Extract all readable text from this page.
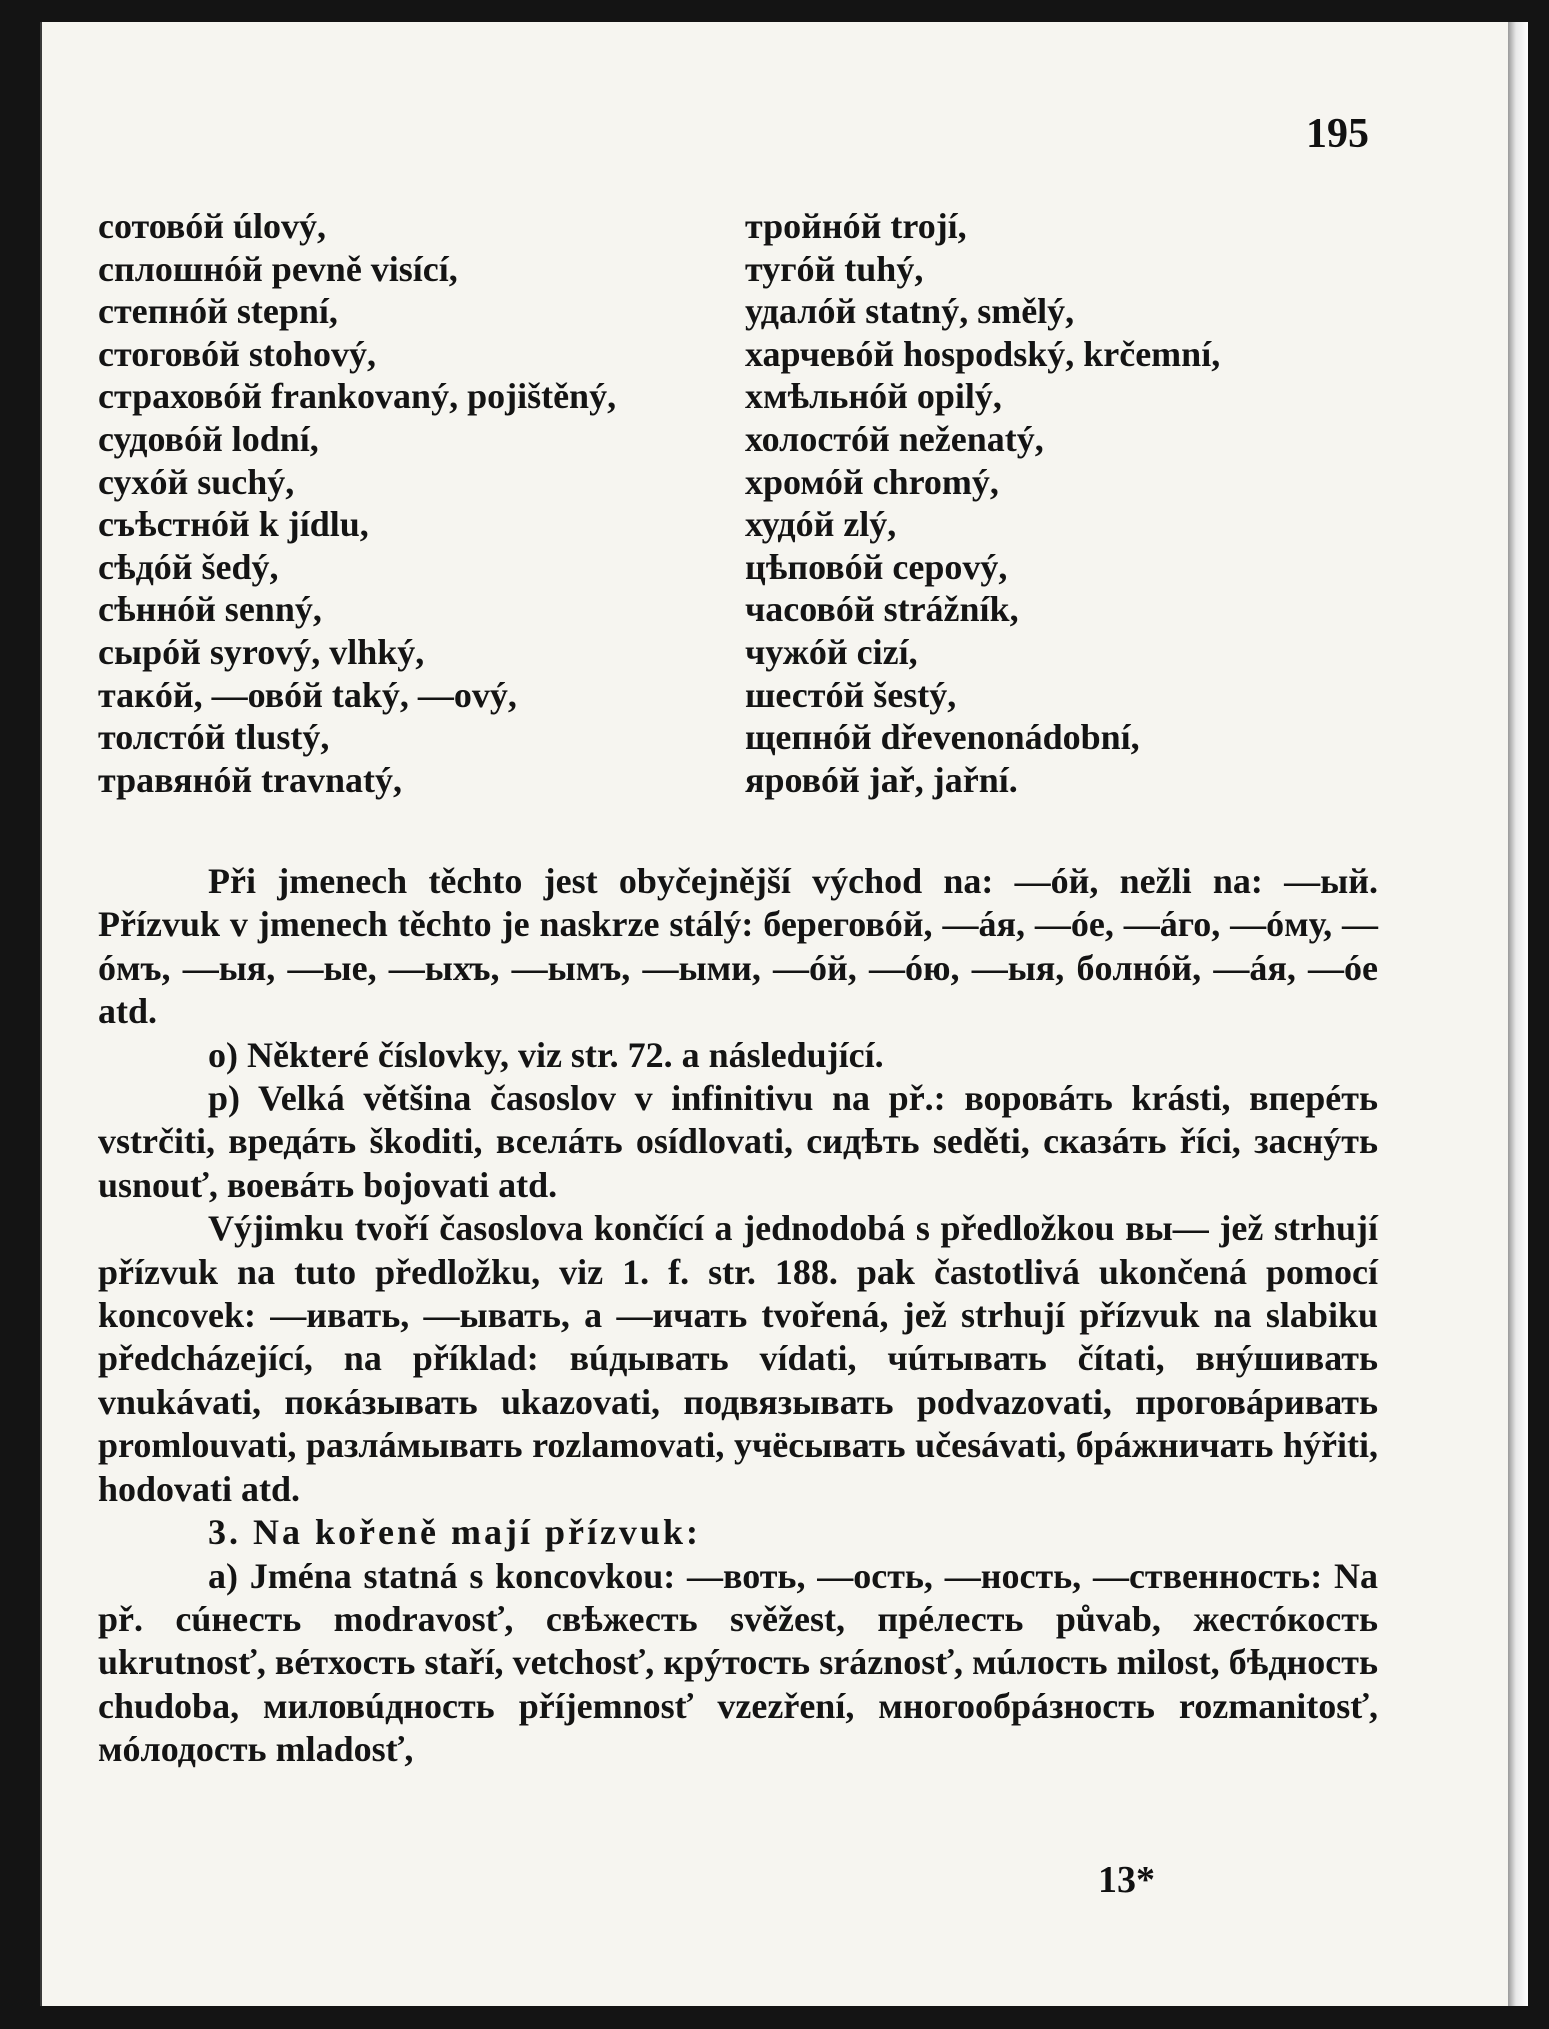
195
сотовóй úlový,
сплошнóй pevně visící,
степнóй stepní,
стоговóй stohový,
страховóй frankovaný, pojištěný,
судовóй lodní,
сухóй suchý,
съѣстнóй k jídlu,
сѣдóй šedý,
сѣннóй senný,
сырóй syrový, vlhký,
такóй, —овóй taký, —ový,
толстóй tlustý,
травянóй travnatý,
тройнóй trojí,
тугóй tuhý,
удалóй statný, smělý,
харчевóй hospodský, krčemní,
хмѣльнóй opilý,
холостóй neženatý,
хромóй chromý,
худóй zlý,
цѣповóй cepový,
часовóй strážník,
чужóй cizí,
шестóй šestý,
щепнóй dřevenonádobní,
яровóй jař, jařní.

Při jmenech těchto jest obyčejnější východ na: —óй, nežli na: —ый. Přízvuk v jmenech těchto je naskrze stálý: береговóй, —áя, —óе, —áго, —óму, —óмъ, —ыя, —ые, —ыхъ, —ымъ, —ыми, —óй, —óю, —ыя, бoлнóй, —áя, —óе atd.

o) Některé číslovky, viz str. 72. a následující.

p) Velká většina časoslov v infinitivu na př.: воровáть krásti, вперéть vstrčiti, вредáть škoditi, всeлáть osídlovati, сидѣть seděti, сказáть říci, заснýть usnouť, воевáть bojovati atd.

Výjimku tvoří časoslova končící a jednodobá s předložkou вы— jež strhují přízvuk na tuto předložku, viz 1. f. str. 188. pak častotlivá ukončená pomocí koncovek: —ивать, —ывать, a —ичать tvořená, jež strhují přízvuk na slabiku předcházející, na příklad: вúдывать vídati, чúтывать čítati, внýшивать vnukávati, покáзывать ukazovati, подвязывать podvazovati, проговáривать promlouvati, разлáмывать rozlamovati, учёсывать učesávati, брáжничать hýřiti, hodovati atd.

3. Na kořeně mají přízvuk:

a) Jména statná s koncovkou: —воть, —ость, —ность, —ственность: Na př. сúнесть modravosť, свѣжесть svěžest, прéлесть půvab, жестóкость ukrutnosť, вéтхость staří, vetchosť, крýтость sráznosť, мúлость milost, бѣдность chudoba, миловúдность příjemnosť vzezření, многообрáзность rozmanitosť, мóлодость mladosť,

13*
